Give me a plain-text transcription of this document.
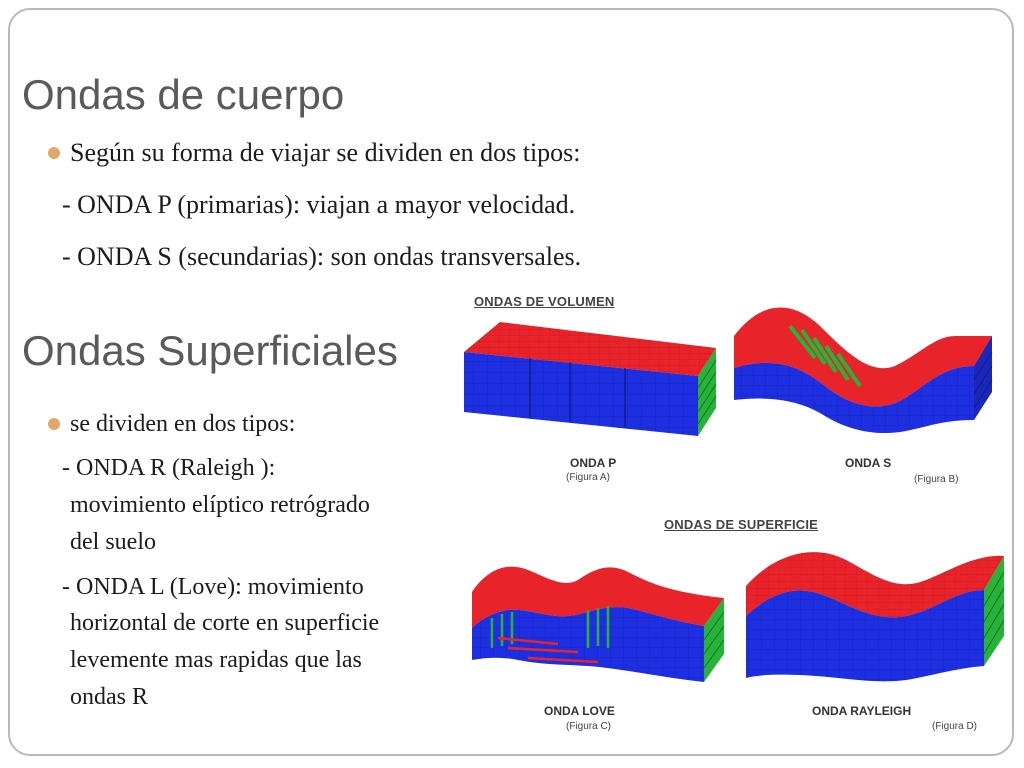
Ondas de cuerpo

Según su forma de viajar se dividen en dos tipos:

- ONDA P (primarias): viajan a mayor velocidad.

- ONDA S (secundarias): son ondas transversales.

Ondas Superficiales

se dividen en dos tipos:

- ONDA R (Raleigh ):

movimiento elíptico retrógrado

del suelo

- ONDA L (Love): movimiento

horizontal de corte en superficie

levemente mas rapidas que las

ondas R

ONDAS DE VOLUMEN
ONDAS DE SUPERFICIE
ONDA P
(Figura A)
ONDA S
(Figura B)
ONDA LOVE
(Figura C)
ONDA RAYLEIGH
(Figura D)
